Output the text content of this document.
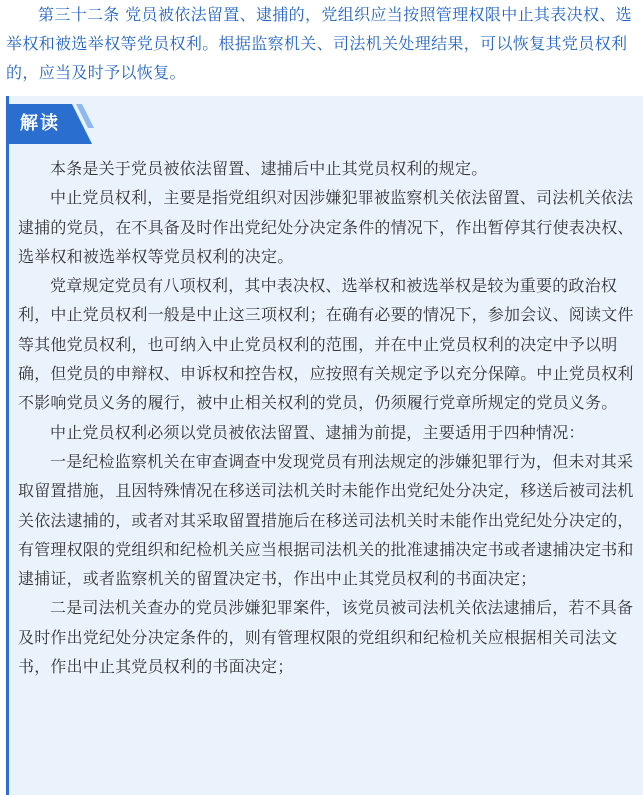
第三十二条 党员被依法留置、逮捕的，党组织应当按照管理权限中止其表决权、选举权和被选举权等党员权利。根据监察机关、司法机关处理结果，可以恢复其党员权利的，应当及时予以恢复。

解读

本条是关于党员被依法留置、逮捕后中止其党员权利的规定。

中止党员权利，主要是指党组织对因涉嫌犯罪被监察机关依法留置、司法机关依法逮捕的党员，在不具备及时作出党纪处分决定条件的情况下，作出暂停其行使表决权、选举权和被选举权等党员权利的决定。

党章规定党员有八项权利，其中表决权、选举权和被选举权是较为重要的政治权利，中止党员权利一般是中止这三项权利；在确有必要的情况下，参加会议、阅读文件等其他党员权利，也可纳入中止党员权利的范围，并在中止党员权利的决定中予以明确，但党员的申辩权、申诉权和控告权，应按照有关规定予以充分保障。中止党员权利不影响党员义务的履行，被中止相关权利的党员，仍须履行党章所规定的党员义务。

中止党员权利必须以党员被依法留置、逮捕为前提，主要适用于四种情况：

一是纪检监察机关在审查调查中发现党员有刑法规定的涉嫌犯罪行为，但未对其采取留置措施，且因特殊情况在移送司法机关时未能作出党纪处分决定，移送后被司法机关依法逮捕的，或者对其采取留置措施后在移送司法机关时未能作出党纪处分决定的，有管理权限的党组织和纪检机关应当根据司法机关的批准逮捕决定书或者逮捕决定书和逮捕证，或者监察机关的留置决定书，作出中止其党员权利的书面决定；

二是司法机关查办的党员涉嫌犯罪案件，该党员被司法机关依法逮捕后，若不具备及时作出党纪处分决定条件的，则有管理权限的党组织和纪检机关应根据相关司法文书，作出中止其党员权利的书面决定；
